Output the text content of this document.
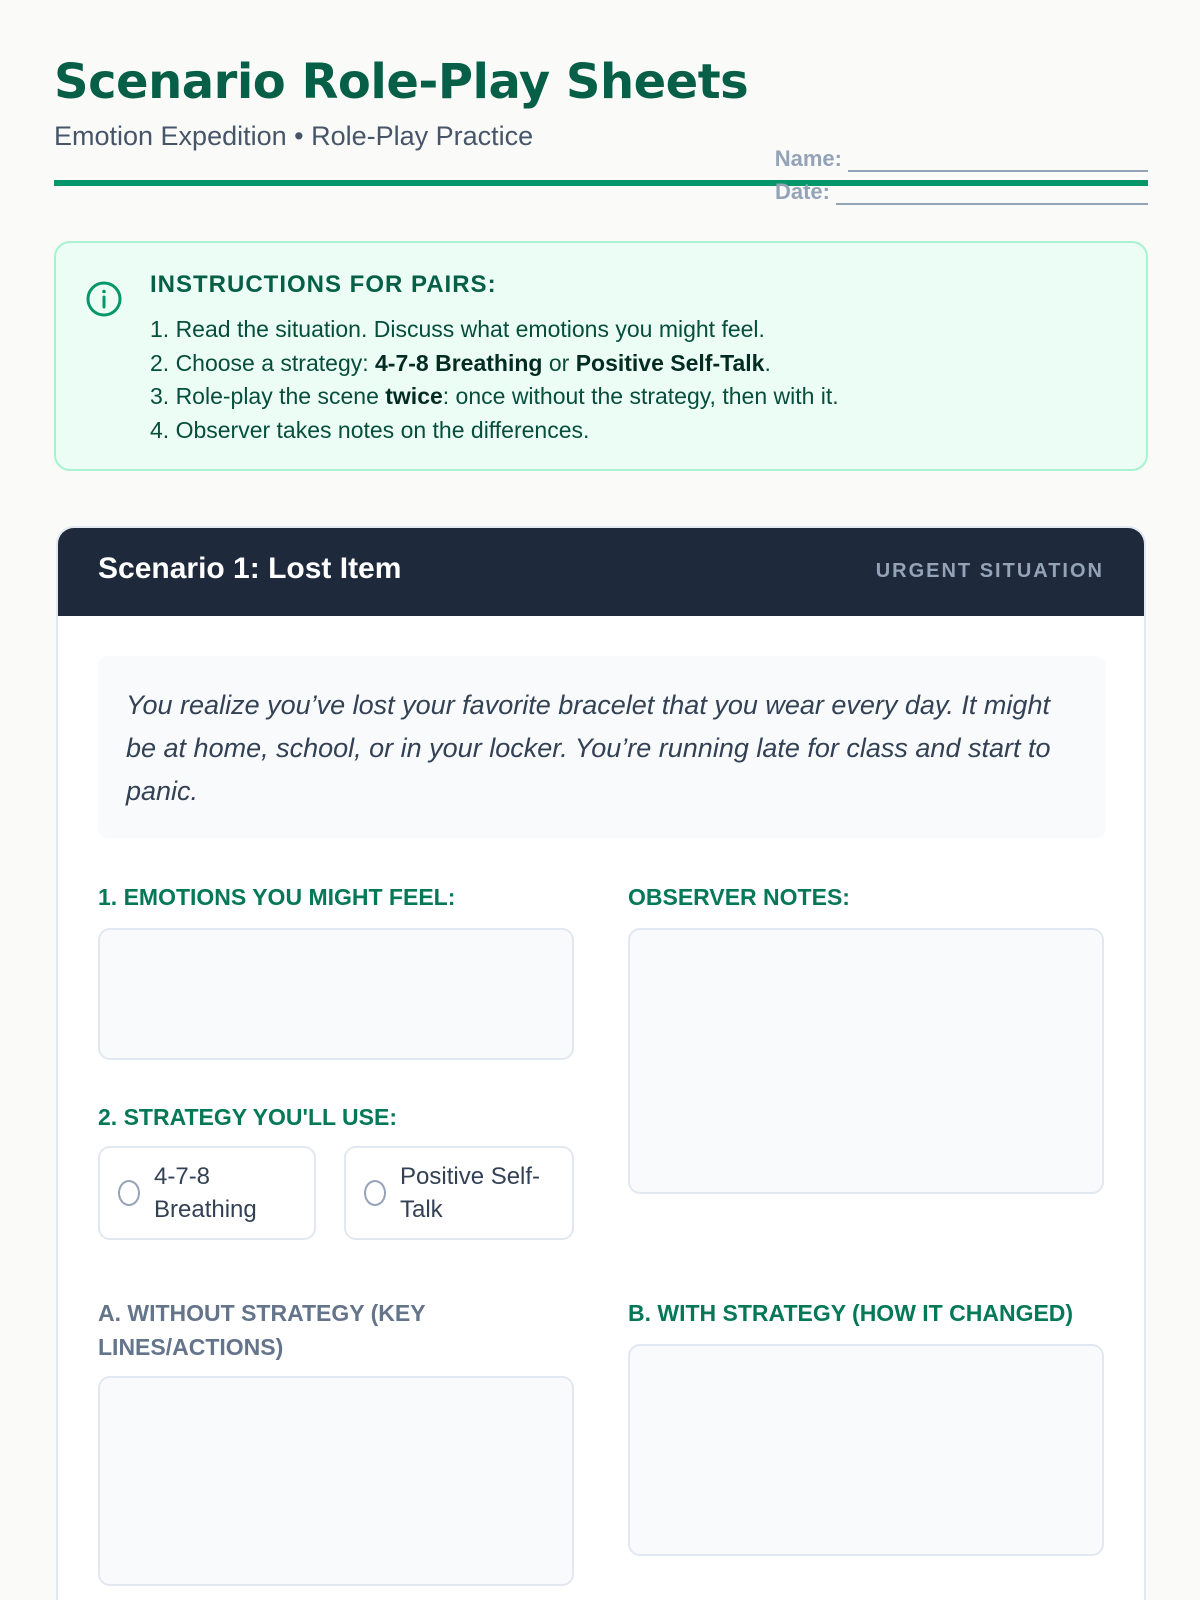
Scenario Role-Play Sheets
Emotion Expedition • Role-Play Practice
Name:
Date:
INSTRUCTIONS FOR PAIRS:
1. Read the situation. Discuss what emotions you might feel.
2. Choose a strategy: 4-7-8 Breathing or Positive Self-Talk.
3. Role-play the scene twice: once without the strategy, then with it.
4. Observer takes notes on the differences.
Scenario 1: Lost Item	URGENT SITUATION
You realize you’ve lost your favorite bracelet that you wear every day. It might be at home, school, or in your locker. You’re running late for class and start to panic.
1. EMOTIONS YOU MIGHT FEEL:	OBSERVER NOTES:
2. STRATEGY YOU'LL USE:
4-7-8 Breathing
Positive Self-Talk
A. WITHOUT STRATEGY (KEY LINES/ACTIONS)
B. WITH STRATEGY (HOW IT CHANGED)
